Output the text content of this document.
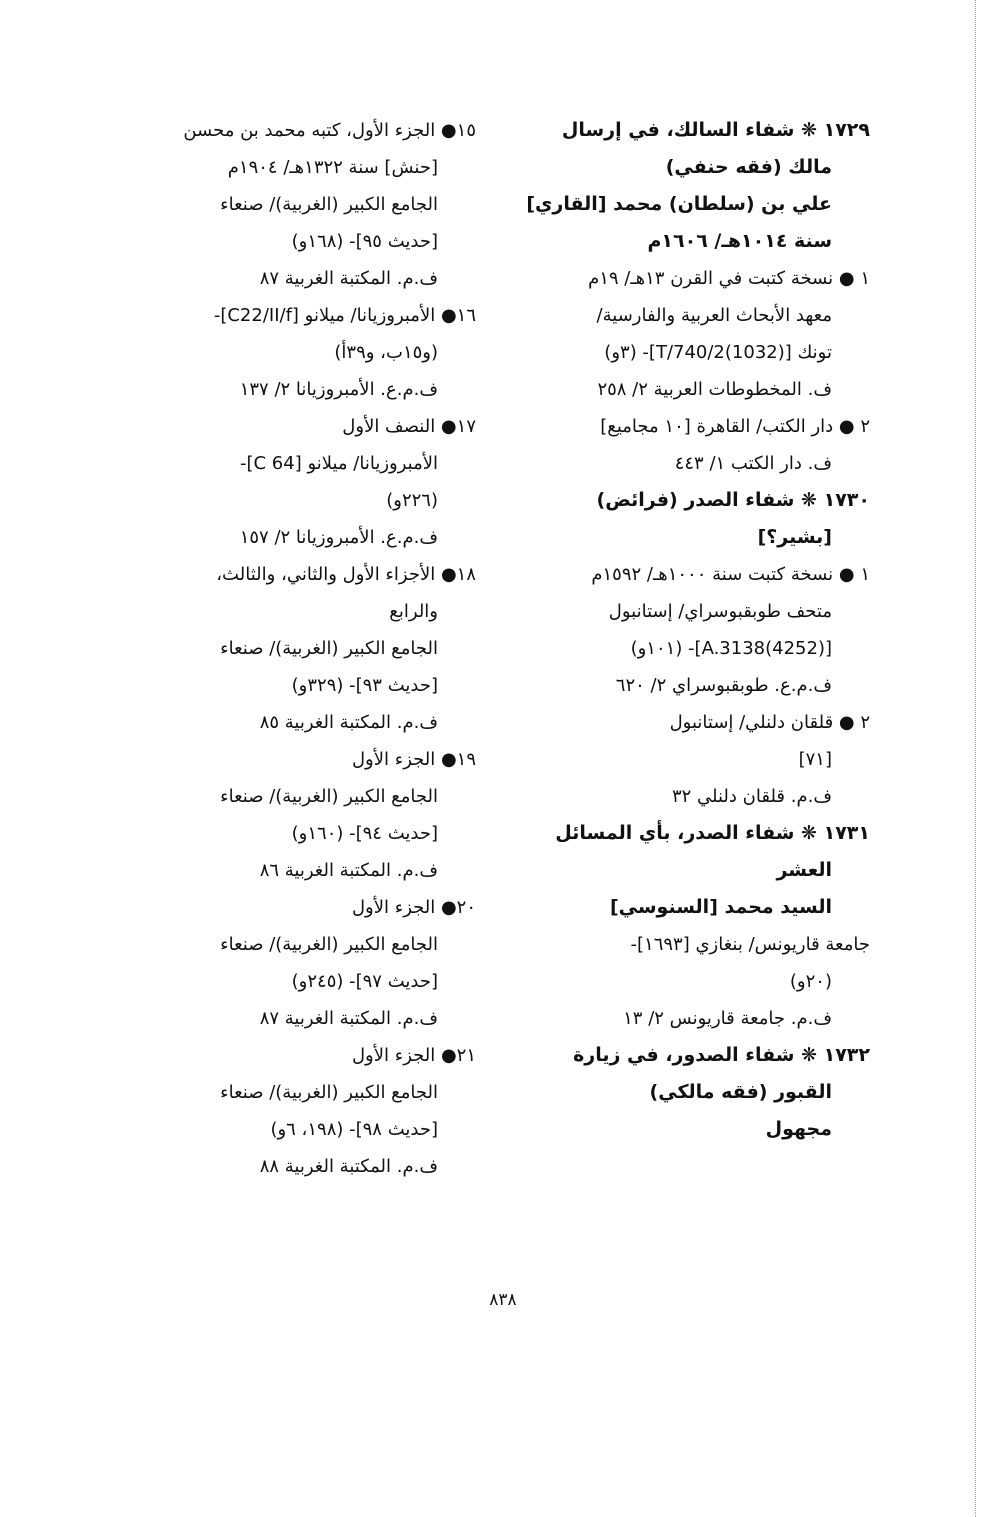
١٥● الجزء الأول، كتبه محمد بن محسن
[حنش] سنة ١٣٢٢هـ/ ١٩٠٤م
الجامع الكبير (الغربية)/ صنعاء
[حديث ٩٥]- (١٦٨و)
ف.م. المكتبة الغربية ٨٧
١٦● الأمبروزيانا/ ميلانو [C22/II/f]-
(و١٥ب، و٣٩أ)
ف.م.ع. الأمبروزيانا ٢/ ١٣٧
١٧● النصف الأول
الأمبروزيانا/ ميلانو [C 64]-
(٢٢٦و)
ف.م.ع. الأمبروزيانا ٢/ ١٥٧
١٨● الأجزاء الأول والثاني، والثالث،
والرابع
الجامع الكبير (الغربية)/ صنعاء
[حديث ٩٣]- (٣٢٩و)
ف.م. المكتبة الغربية ٨٥
١٩● الجزء الأول
الجامع الكبير (الغربية)/ صنعاء
[حديث ٩٤]- (١٦٠و)
ف.م. المكتبة الغربية ٨٦
٢٠● الجزء الأول
الجامع الكبير (الغربية)/ صنعاء
[حديث ٩٧]- (٢٤٥و)
ف.م. المكتبة الغربية ٨٧
٢١● الجزء الأول
الجامع الكبير (الغربية)/ صنعاء
[حديث ٩٨]- (١٩٨، ٦و)
ف.م. المكتبة الغربية ٨٨
١٧٢٩ ❋ شفاء السالك، في إرسال
مالك (فقه حنفي)
علي بن (سلطان) محمد [القاري]
سنة ١٠١٤هـ/ ١٦٠٦م
١ ● نسخة كتبت في القرن ١٣هـ/ ١٩م
معهد الأبحاث العربية والفارسية/
تونك [(1032)T/740/2]- (٣و)
ف. المخطوطات العربية ٢/ ٢٥٨
٢ ● دار الكتب/ القاهرة [١٠ مجاميع]
ف. دار الكتب ١/ ٤٤٣
١٧٣٠ ❋ شفاء الصدر (فرائض)
[بشير؟]
١ ● نسخة كتبت سنة ١٠٠٠هـ/ ١٥٩٢م
متحف طوبقبوسراي/ إستانبول
[(4252)A.3138]- (١٠١و)
ف.م.ع. طوبقبوسراي ٢/ ٦٢٠
٢ ● قلقان دلنلي/ إستانبول
[٧١]
ف.م. قلقان دلنلي ٣٢
١٧٣١ ❋ شفاء الصدر، بأي المسائل
العشر
السيد محمد [السنوسي]
جامعة قاريونس/ بنغازي [١٦٩٣]-
(٢٠و)
ف.م. جامعة قاريونس ٢/ ١٣
١٧٣٢ ❋ شفاء الصدور، في زيارة
القبور (فقه مالكي)
مجهول
٨٣٨
